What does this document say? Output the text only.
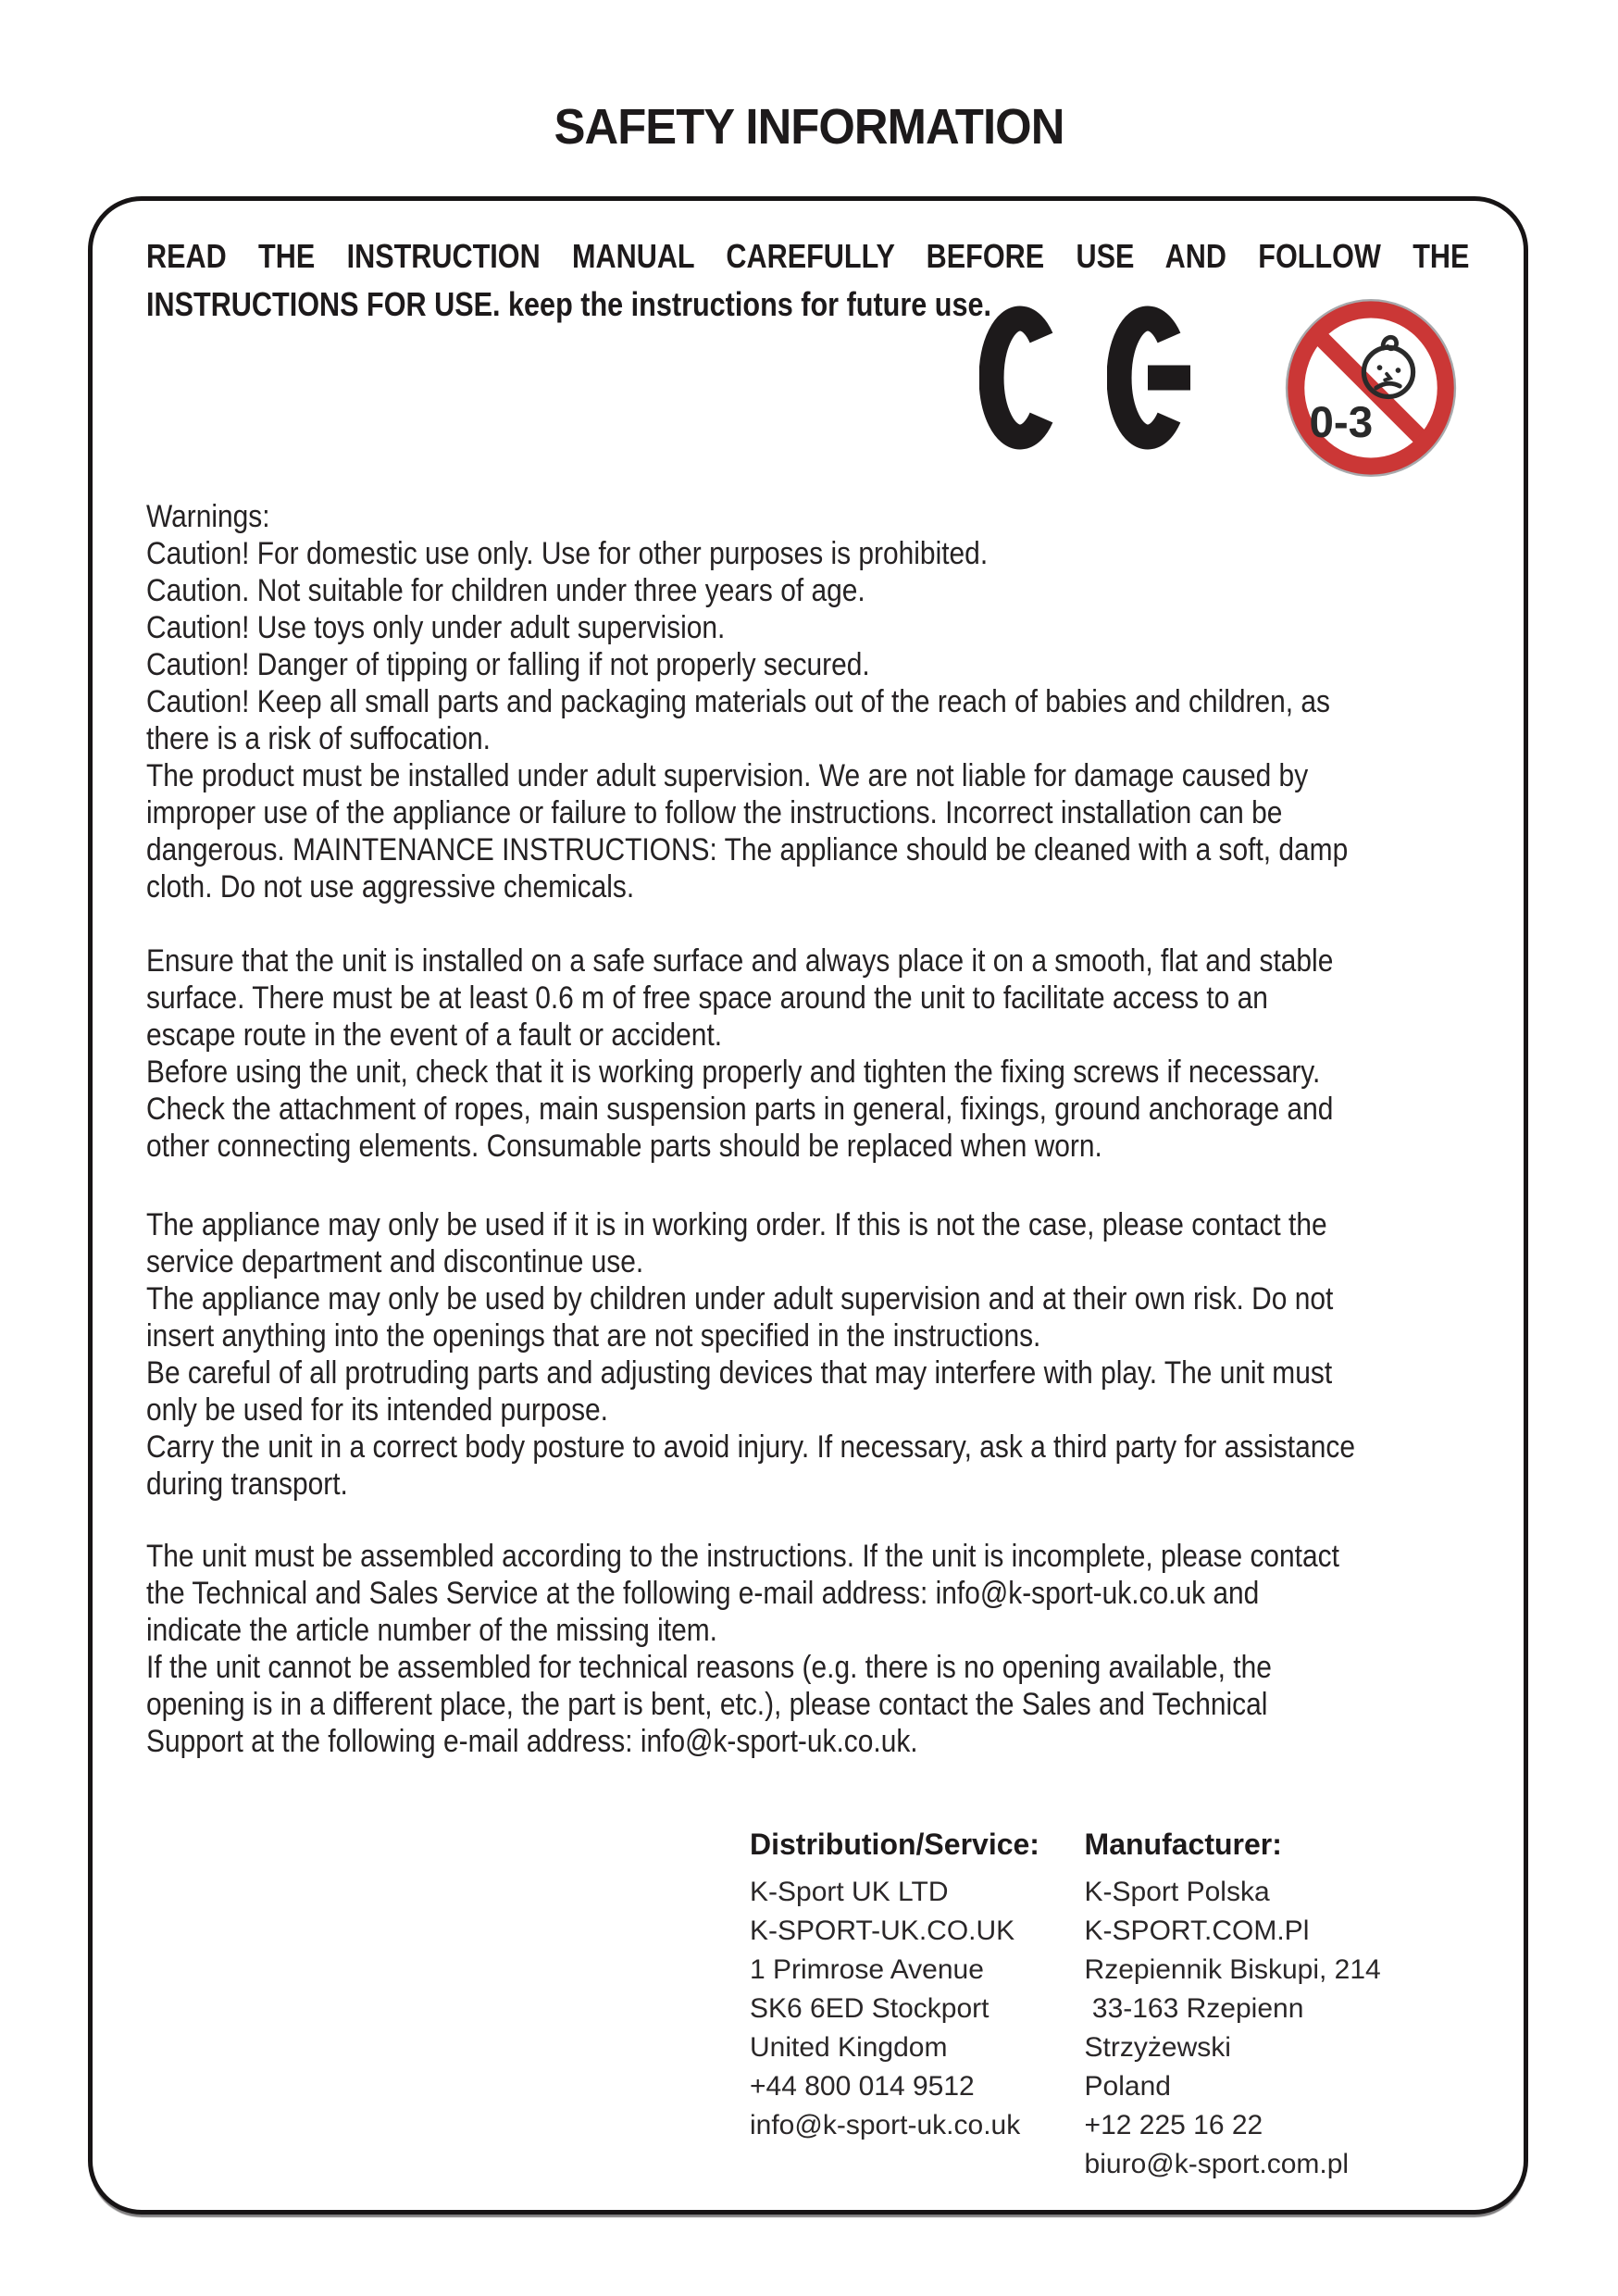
SAFETY INFORMATION
READ THE INSTRUCTION MANUAL CAREFULLY BEFORE USE AND FOLLOW THE
INSTRUCTIONS FOR USE. keep the instructions for future use.
0-3
Warnings:
Caution! For domestic use only. Use for other purposes is prohibited.
Caution. Not suitable for children under three years of age.
Caution! Use toys only under adult supervision.
Caution! Danger of tipping or falling if not properly secured.
Caution! Keep all small parts and packaging materials out of the reach of babies and children, as
there is a risk of suffocation.
The product must be installed under adult supervision. We are not liable for damage caused by
improper use of the appliance or failure to follow the instructions. Incorrect installation can be
dangerous. MAINTENANCE INSTRUCTIONS: The appliance should be cleaned with a soft, damp
cloth. Do not use aggressive chemicals.
Ensure that the unit is installed on a safe surface and always place it on a smooth, flat and stable
surface. There must be at least 0.6 m of free space around the unit to facilitate access to an
escape route in the event of a fault or accident.
Before using the unit, check that it is working properly and tighten the fixing screws if necessary.
Check the attachment of ropes, main suspension parts in general, fixings, ground anchorage and
other connecting elements. Consumable parts should be replaced when worn.
The appliance may only be used if it is in working order. If this is not the case, please contact the
service department and discontinue use.
The appliance may only be used by children under adult supervision and at their own risk. Do not
insert anything into the openings that are not specified in the instructions.
Be careful of all protruding parts and adjusting devices that may interfere with play. The unit must
only be used for its intended purpose.
Carry the unit in a correct body posture to avoid injury. If necessary, ask a third party for assistance
during transport.
The unit must be assembled according to the instructions. If the unit is incomplete, please contact
the Technical and Sales Service at the following e-mail address: info@k-sport-uk.co.uk and
indicate the article number of the missing item.
If the unit cannot be assembled for technical reasons (e.g. there is no opening available, the
opening is in a different place, the part is bent, etc.), please contact the Sales and Technical
Support at the following e-mail address: info@k-sport-uk.co.uk.
Distribution/Service:
K-Sport UK LTD
K-SPORT-UK.CO.UK
1 Primrose Avenue
SK6 6ED Stockport
United Kingdom
+44 800 014 9512
info@k-sport-uk.co.uk
Manufacturer:
K-Sport Polska
K-SPORT.COM.Pl
Rzepiennik Biskupi, 214
33-163 Rzepienn   Strzyżewski
Poland
+12 225 16 22
biuro@k-sport.com.pl
